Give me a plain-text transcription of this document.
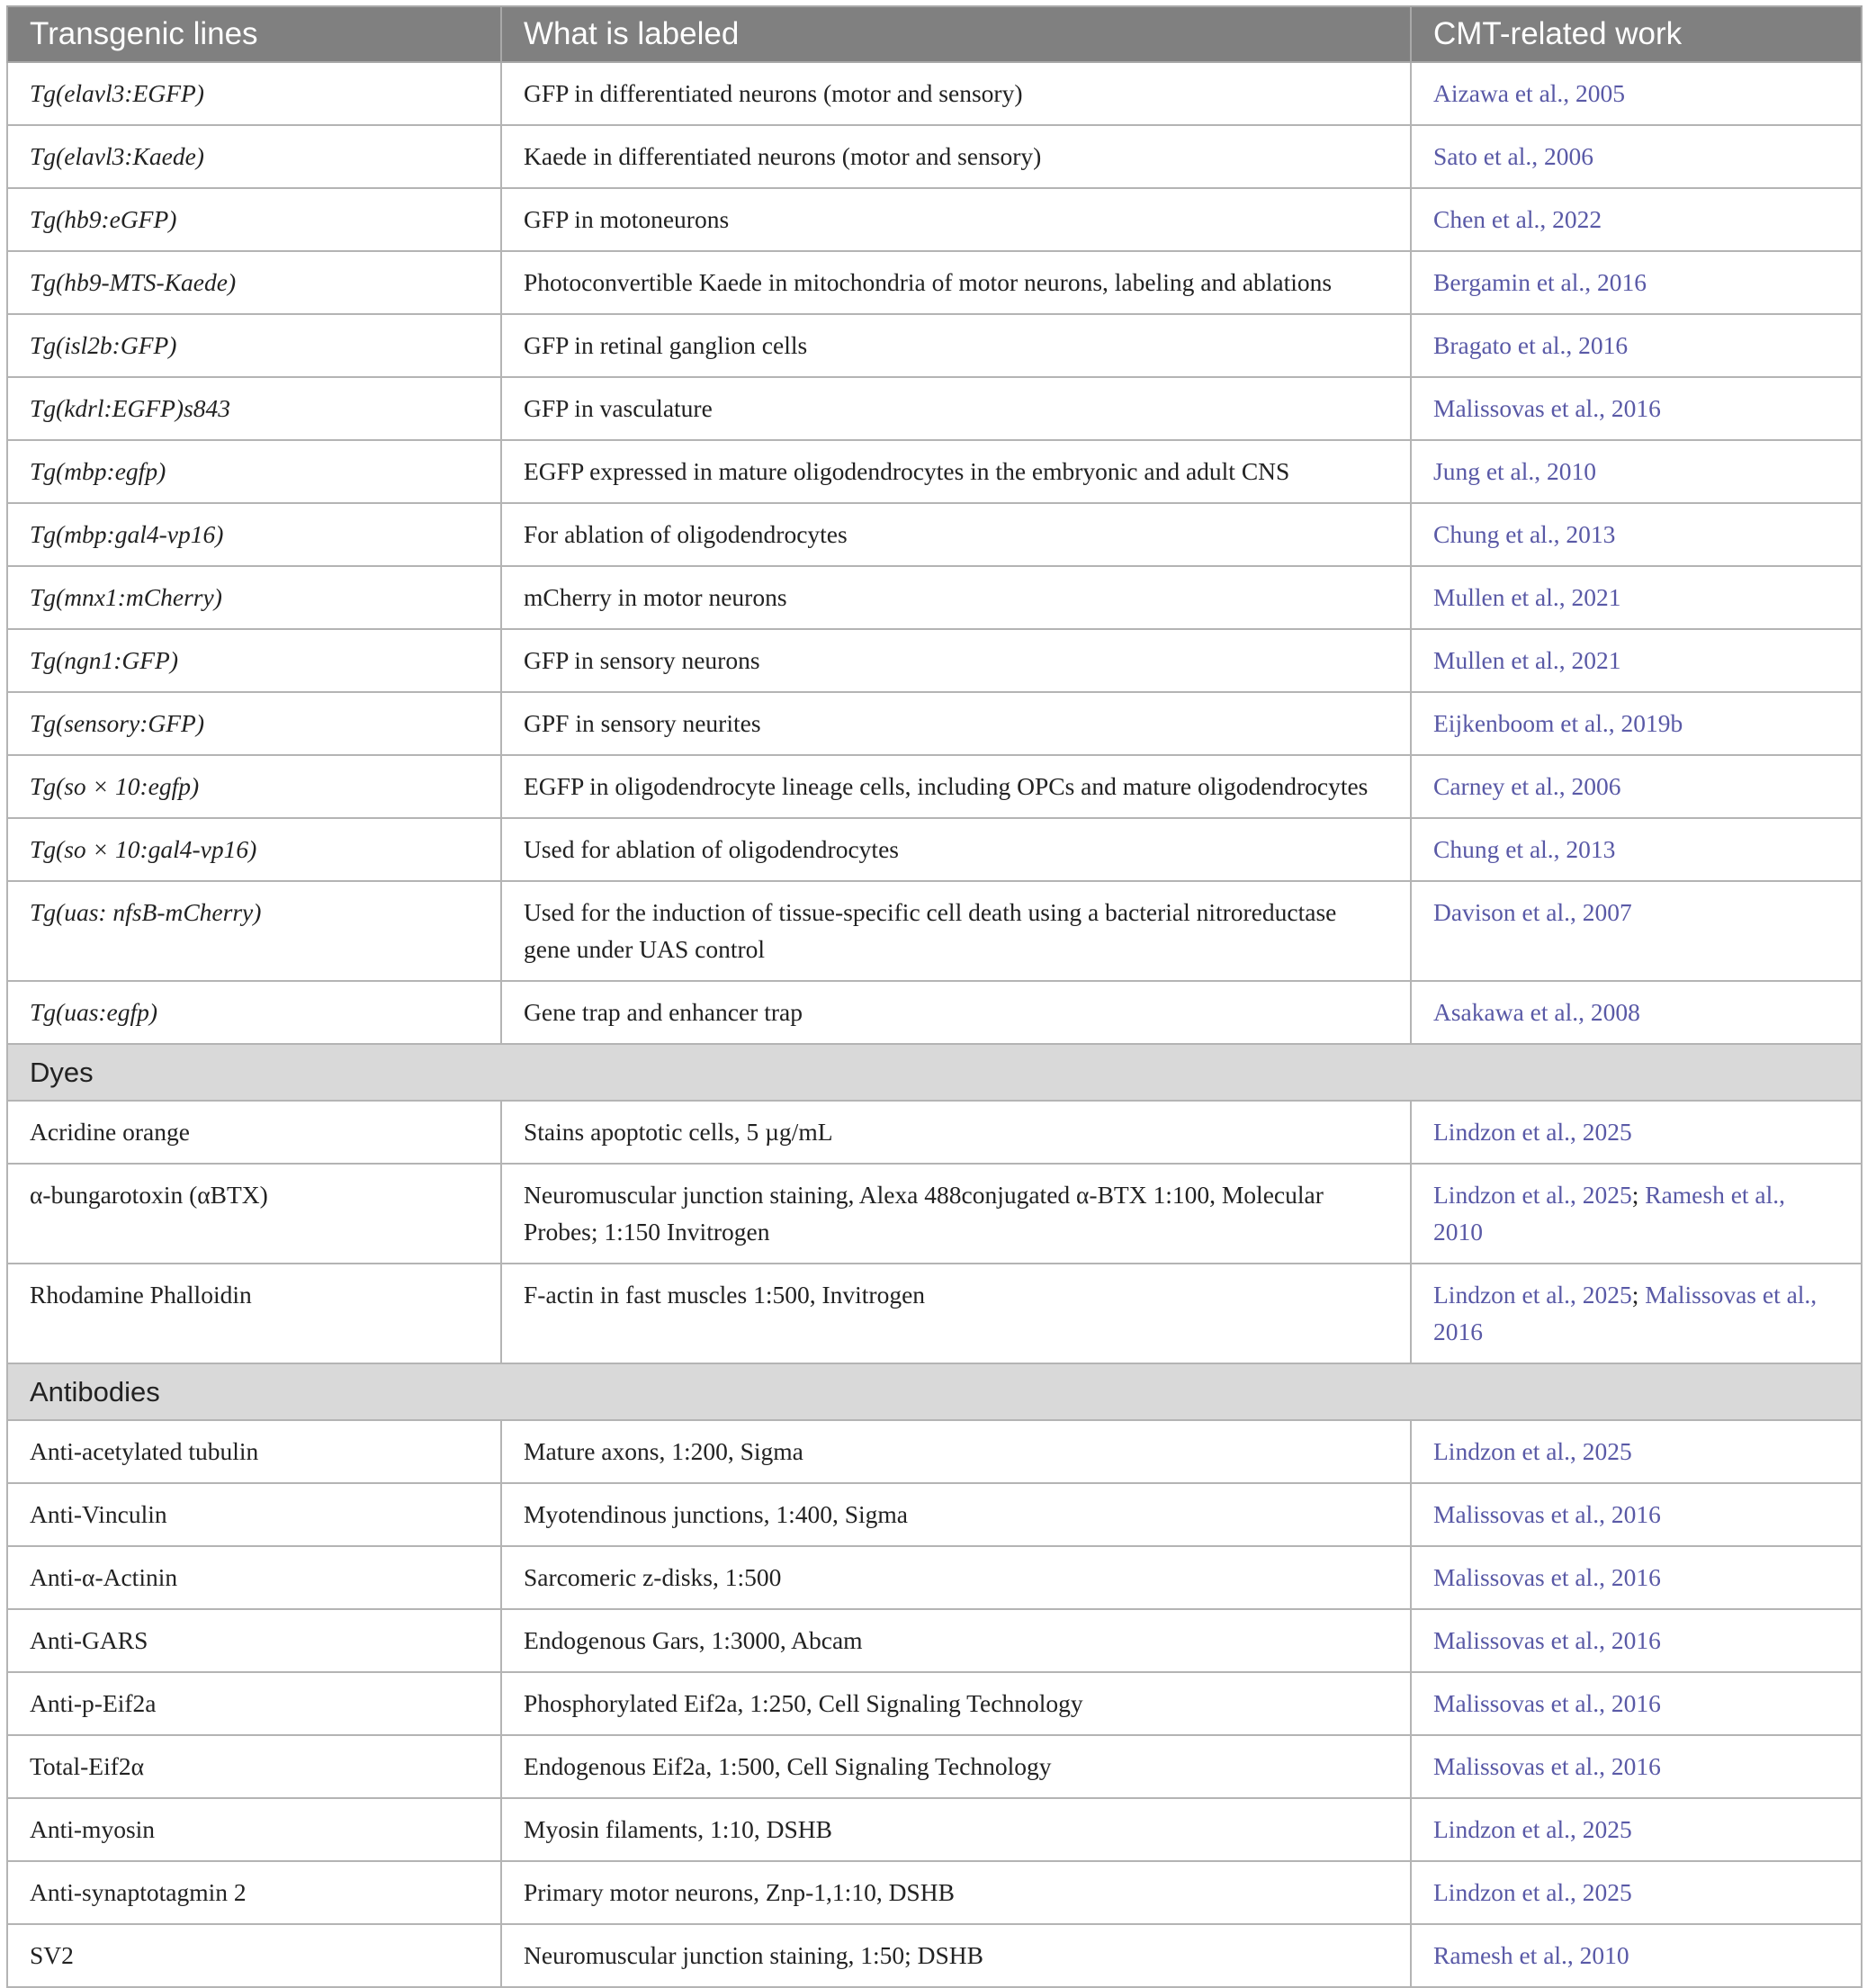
Transgenic lines	What is labeled	CMT-related work
Tg(elavl3:EGFP)	GFP in differentiated neurons (motor and sensory)	Aizawa et al., 2005
Tg(elavl3:Kaede)	Kaede in differentiated neurons (motor and sensory)	Sato et al., 2006
Tg(hb9:eGFP)	GFP in motoneurons	Chen et al., 2022
Tg(hb9-MTS-Kaede)	Photoconvertible Kaede in mitochondria of motor neurons, labeling and ablations	Bergamin et al., 2016
Tg(isl2b:GFP)	GFP in retinal ganglion cells	Bragato et al., 2016
Tg(kdrl:EGFP)s843	GFP in vasculature	Malissovas et al., 2016
Tg(mbp:egfp)	EGFP expressed in mature oligodendrocytes in the embryonic and adult CNS	Jung et al., 2010
Tg(mbp:gal4-vp16)	For ablation of oligodendrocytes	Chung et al., 2013
Tg(mnx1:mCherry)	mCherry in motor neurons	Mullen et al., 2021
Tg(ngn1:GFP)	GFP in sensory neurons	Mullen et al., 2021
Tg(sensory:GFP)	GPF in sensory neurites	Eijkenboom et al., 2019b
Tg(so × 10:egfp)	EGFP in oligodendrocyte lineage cells, including OPCs and mature oligodendrocytes	Carney et al., 2006
Tg(so × 10:gal4-vp16)	Used for ablation of oligodendrocytes	Chung et al., 2013
Tg(uas: nfsB-mCherry)	Used for the induction of tissue-specific cell death using a bacterial nitroreductase gene under UAS control	Davison et al., 2007
Tg(uas:egfp)	Gene trap and enhancer trap	Asakawa et al., 2008
Dyes		
Acridine orange	Stains apoptotic cells, 5 µg/mL	Lindzon et al., 2025
α-bungarotoxin (αBTX)	Neuromuscular junction staining, Alexa 488conjugated α-BTX 1:100, Molecular Probes; 1:150 Invitrogen	Lindzon et al., 2025; Ramesh et al., 2010
Rhodamine Phalloidin	F-actin in fast muscles 1:500, Invitrogen	Lindzon et al., 2025; Malissovas et al., 2016
Antibodies		
Anti-acetylated tubulin	Mature axons, 1:200, Sigma	Lindzon et al., 2025
Anti-Vinculin	Myotendinous junctions, 1:400, Sigma	Malissovas et al., 2016
Anti-α-Actinin	Sarcomeric z-disks, 1:500	Malissovas et al., 2016
Anti-GARS	Endogenous Gars, 1:3000, Abcam	Malissovas et al., 2016
Anti-p-Eif2a	Phosphorylated Eif2a, 1:250, Cell Signaling Technology	Malissovas et al., 2016
Total-Eif2α	Endogenous Eif2a, 1:500, Cell Signaling Technology	Malissovas et al., 2016
Anti-myosin	Myosin filaments, 1:10, DSHB	Lindzon et al., 2025
Anti-synaptotagmin 2	Primary motor neurons, Znp-1,1:10, DSHB	Lindzon et al., 2025
SV2	Neuromuscular junction staining, 1:50; DSHB	Ramesh et al., 2010
